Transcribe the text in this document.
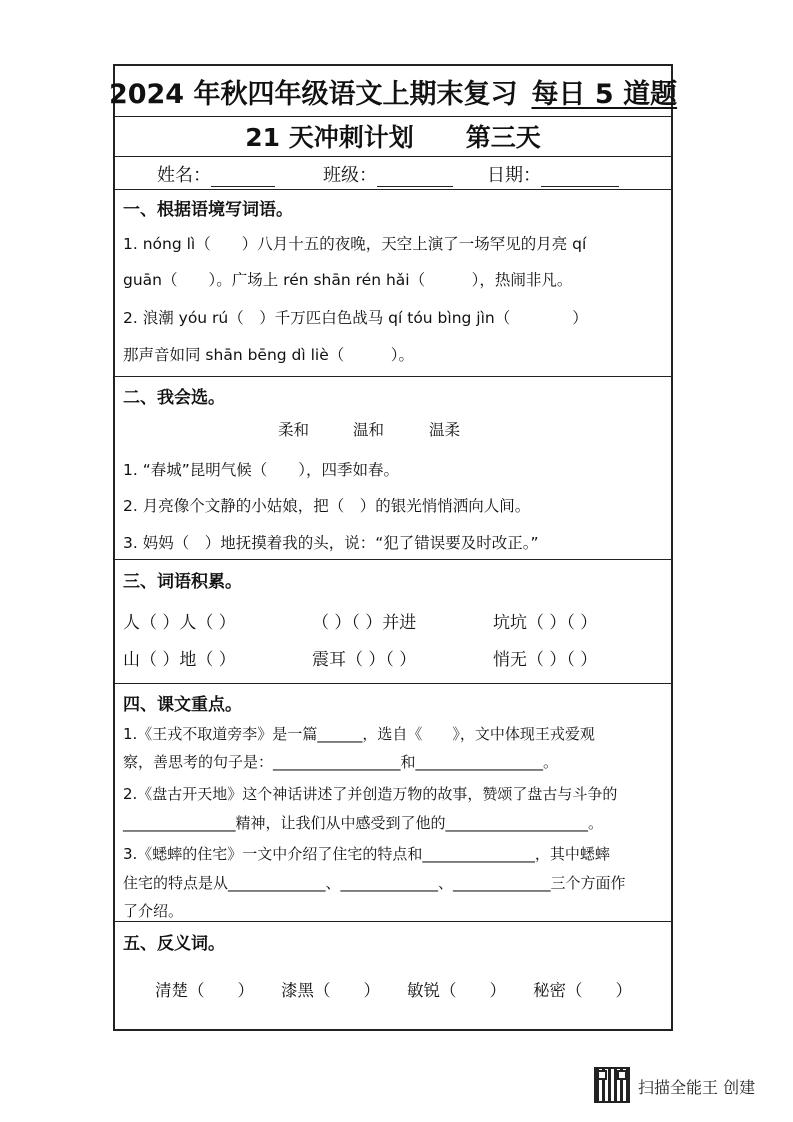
2024 年秋四年级语文上期末复习 每日 5 道题
21 天冲刺计划 第三天
姓名：	班级：	日期：
一、根据语境写词语。
1. nóng lì（　　）八月十五的夜晚，天空上演了一场罕见的月亮 qí
guān（　　）。广场上 rén shān rén hǎi（　　　），热闹非凡。
2. 浪潮 yóu rú（　）千万匹白色战马 qí tóu bìng jìn（　　　　）
那声音如同 shān bēng dì liè（　　　）。
二、我会选。
柔和	温和	温柔
1. “春城”昆明气候（　　），四季如春。
2. 月亮像个文静的小姑娘，把（　）的银光悄悄洒向人间。
3. 妈妈（　）地抚摸着我的头，说：“犯了错误要及时改正。”
三、词语积累。
人（ ）人（ ）	（ ）（ ）并进	坑坑（ ）（ ）
山（ ）地（ ）	震耳（ ）（ ）	悄无（ ）（ ）
四、课文重点。
1.《王戎不取道旁李》是一篇______，选自《　　》，文中体现王戎爱观
察，善思考的句子是：_________________和_________________。
2.《盘古开天地》这个神话讲述了并创造万物的故事，赞颂了盘古与斗争的
_______________精神，让我们从中感受到了他的___________________。
3.《蟋蟀的住宅》一文中介绍了住宅的特点和_______________，其中蟋蟀
住宅的特点是从_____________、_____________、_____________三个方面作
了介绍。
五、反义词。
清楚（　　） 漆黑（　　） 敏锐（　　） 秘密（　　）
扫描全能王 创建
